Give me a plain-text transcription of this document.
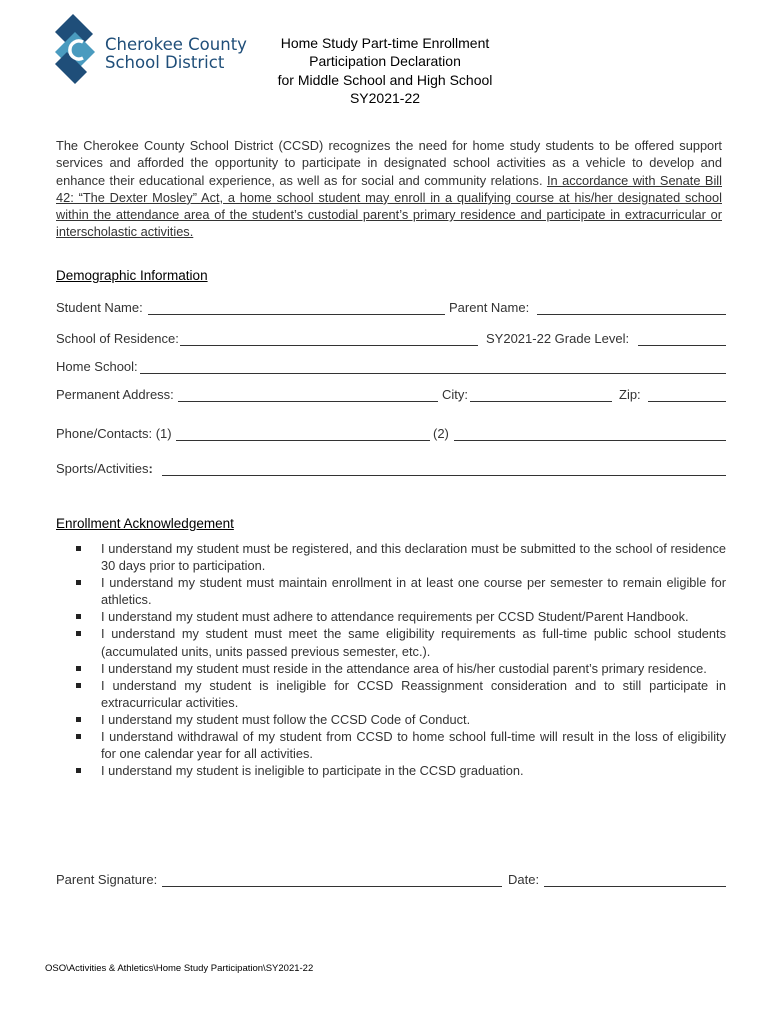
Cherokee County
School District
Home Study Part-time Enrollment
Participation Declaration
for Middle School and High School
SY2021-22
The Cherokee County School District (CCSD) recognizes the need for home study students to be offered support services and afforded the opportunity to participate in designated school activities as a vehicle to develop and enhance their educational experience, as well as for social and community relations. In accordance with Senate Bill 42: “The Dexter Mosley” Act, a home school student may enroll in a qualifying course at his/her designated school within the attendance area of the student’s custodial parent’s primary residence and participate in extracurricular or interscholastic activities.
Demographic Information
Student Name:	Parent Name:
School of Residence:	SY2021-22 Grade Level:
Home School:
Permanent Address:	City:	Zip:
Phone/Contacts: (1)	(2)
Sports/Activities:
Enrollment Acknowledgement
I understand my student must be registered, and this declaration must be submitted to the school of residence 30 days prior to participation.
I understand my student must maintain enrollment in at least one course per semester to remain eligible for athletics.
I understand my student must adhere to attendance requirements per CCSD Student/Parent Handbook.
I understand my student must meet the same eligibility requirements as full-time public school students (accumulated units, units passed previous semester, etc.).
I understand my student must reside in the attendance area of his/her custodial parent’s primary residence.
I understand my student is ineligible for CCSD Reassignment consideration and to still participate in extracurricular activities.
I understand my student must follow the CCSD Code of Conduct.
I understand withdrawal of my student from CCSD to home school full-time will result in the loss of eligibility for one calendar year for all activities.
I understand my student is ineligible to participate in the CCSD graduation.
Parent Signature:	Date:
OSO\Activities & Athletics\Home Study Participation\SY2021-22
